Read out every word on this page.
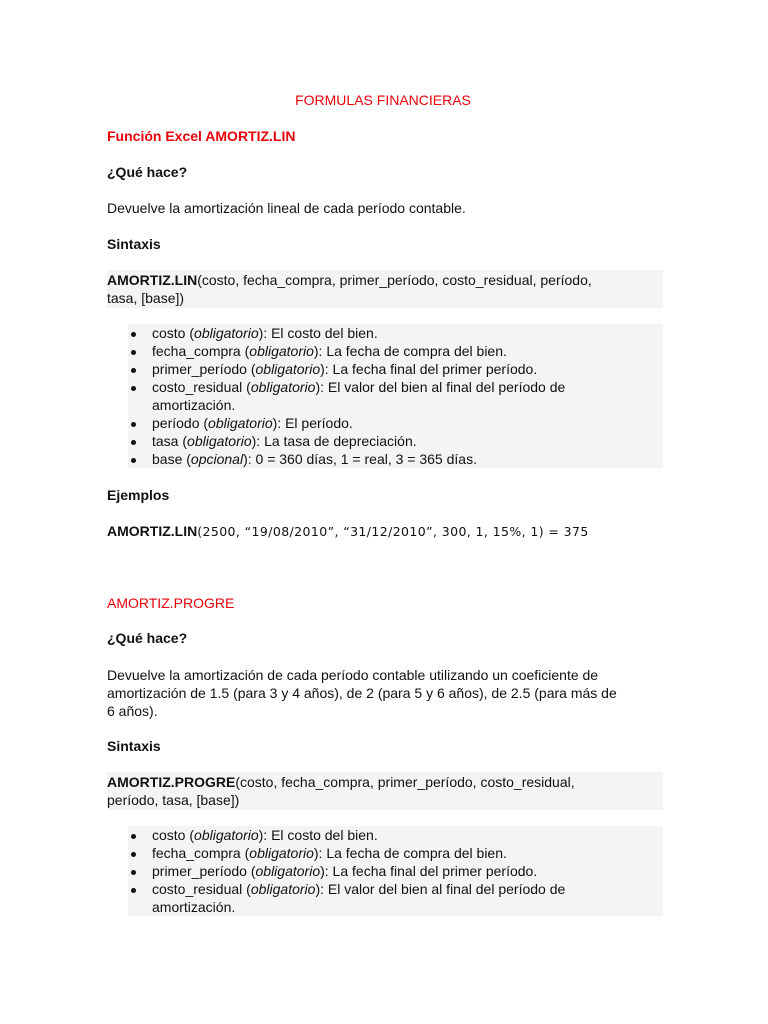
FORMULAS FINANCIERAS
Función Excel AMORTIZ.LIN
¿Qué hace?
Devuelve la amortización lineal de cada período contable.
Sintaxis
AMORTIZ.LIN(costo, fecha_compra, primer_período, costo_residual, período,
tasa, [base])
costo (obligatorio): El costo del bien.
fecha_compra (obligatorio): La fecha de compra del bien.
primer_período (obligatorio): La fecha final del primer período.
costo_residual (obligatorio): El valor del bien al final del período de
amortización.
período (obligatorio): El período.
tasa (obligatorio): La tasa de depreciación.
base (opcional): 0 = 360 días, 1 = real, 3 = 365 días.
Ejemplos
AMORTIZ.LIN(2500, “19/08/2010”, “31/12/2010”, 300, 1, 15%, 1) = 375
AMORTIZ.PROGRE
¿Qué hace?
Devuelve la amortización de cada período contable utilizando un coeficiente de
amortización de 1.5 (para 3 y 4 años), de 2 (para 5 y 6 años), de 2.5 (para más de
6 años).
Sintaxis
AMORTIZ.PROGRE(costo, fecha_compra, primer_período, costo_residual,
período, tasa, [base])
costo (obligatorio): El costo del bien.
fecha_compra (obligatorio): La fecha de compra del bien.
primer_período (obligatorio): La fecha final del primer período.
costo_residual (obligatorio): El valor del bien al final del período de
amortización.
